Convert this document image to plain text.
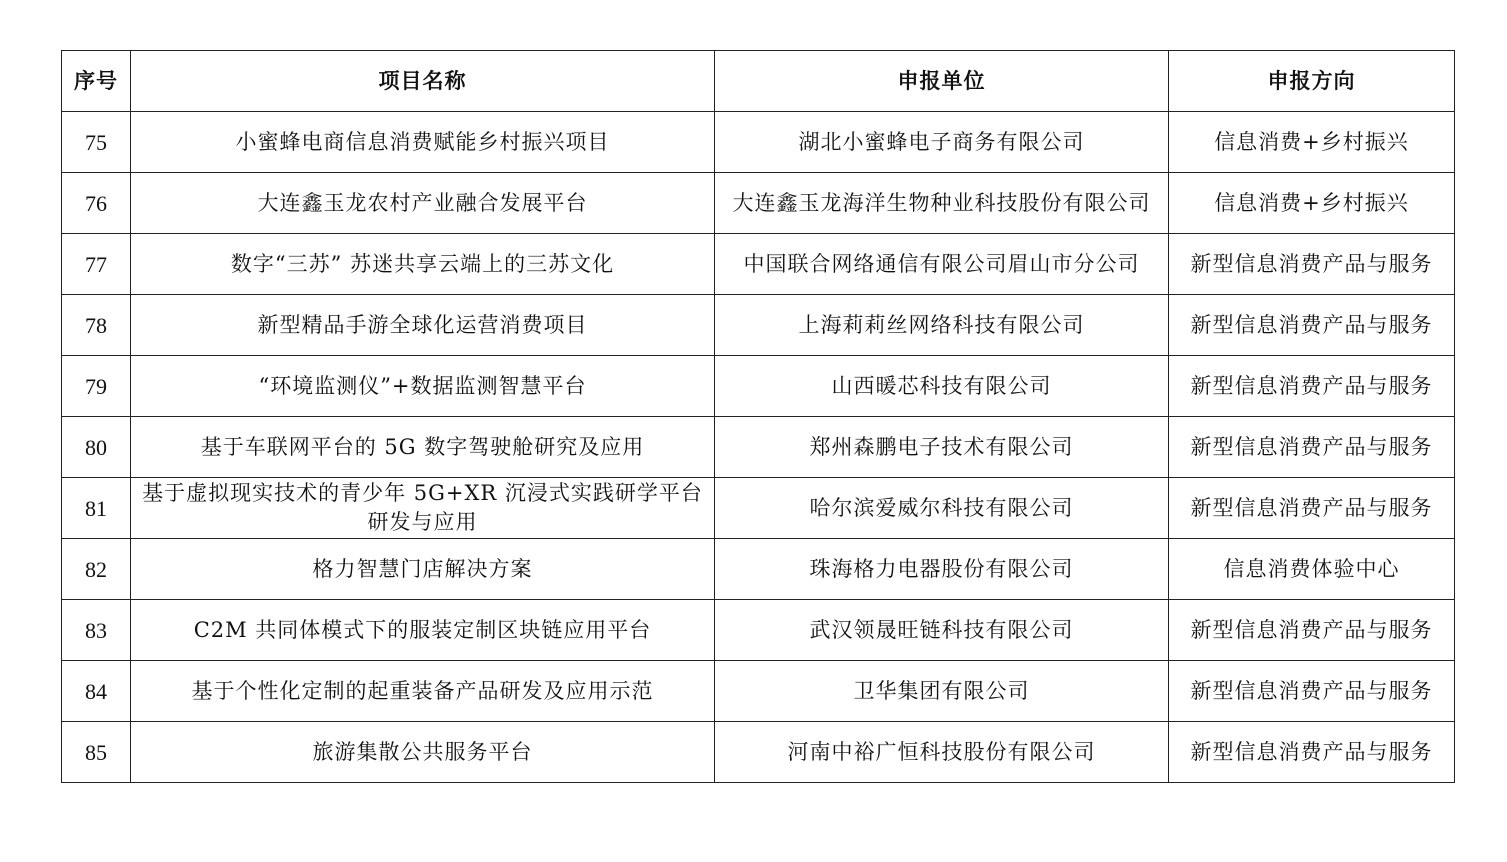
序号	项目名称	申报单位	申报方向
75	小蜜蜂电商信息消费赋能乡村振兴项目	湖北小蜜蜂电子商务有限公司	信息消费+乡村振兴
76	大连鑫玉龙农村产业融合发展平台	大连鑫玉龙海洋生物种业科技股份有限公司	信息消费+乡村振兴
77	数字“三苏” 苏迷共享云端上的三苏文化	中国联合网络通信有限公司眉山市分公司	新型信息消费产品与服务
78	新型精品手游全球化运营消费项目	上海莉莉丝网络科技有限公司	新型信息消费产品与服务
79	“环境监测仪”+数据监测智慧平台	山西暖芯科技有限公司	新型信息消费产品与服务
80	基于车联网平台的 5G 数字驾驶舱研究及应用	郑州森鹏电子技术有限公司	新型信息消费产品与服务
81	基于虚拟现实技术的青少年 5G+XR 沉浸式实践研学平台研发与应用	哈尔滨爱威尔科技有限公司	新型信息消费产品与服务
82	格力智慧门店解决方案	珠海格力电器股份有限公司	信息消费体验中心
83	C2M 共同体模式下的服装定制区块链应用平台	武汉领晟旺链科技有限公司	新型信息消费产品与服务
84	基于个性化定制的起重装备产品研发及应用示范	卫华集团有限公司	新型信息消费产品与服务
85	旅游集散公共服务平台	河南中裕广恒科技股份有限公司	新型信息消费产品与服务
